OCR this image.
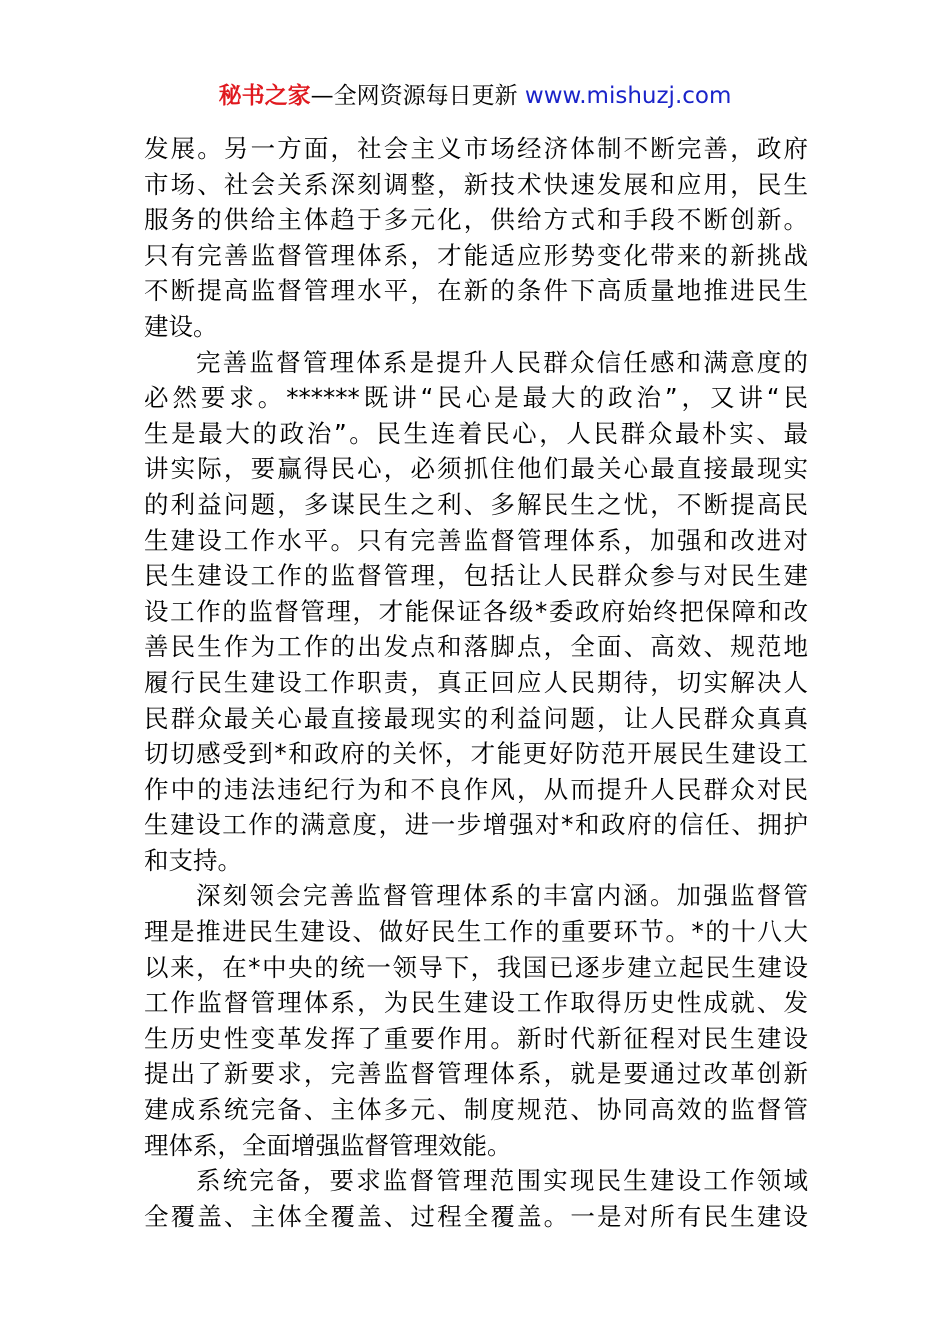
秘书之家—全网资源每日更新 www.mishuzj.com
发展。另一方面，社会主义市场经济体制不断完善，政府
市场、社会关系深刻调整，新技术快速发展和应用，民生
服务的供给主体趋于多元化，供给方式和手段不断创新。
只有完善监督管理体系，才能适应形势变化带来的新挑战
不断提高监督管理水平，在新的条件下高质量地推进民生
建设。
完善监督管理体系是提升人民群众信任感和满意度的
必然要求。******既讲“民心是最大的政治”，又讲“民
生是最大的政治”。民生连着民心，人民群众最朴实、最
讲实际，要赢得民心，必须抓住他们最关心最直接最现实
的利益问题，多谋民生之利、多解民生之忧，不断提高民
生建设工作水平。只有完善监督管理体系，加强和改进对
民生建设工作的监督管理，包括让人民群众参与对民生建
设工作的监督管理，才能保证各级*委政府始终把保障和改
善民生作为工作的出发点和落脚点，全面、高效、规范地
履行民生建设工作职责，真正回应人民期待，切实解决人
民群众最关心最直接最现实的利益问题，让人民群众真真
切切感受到*和政府的关怀，才能更好防范开展民生建设工
作中的违法违纪行为和不良作风，从而提升人民群众对民
生建设工作的满意度，进一步增强对*和政府的信任、拥护
和支持。
深刻领会完善监督管理体系的丰富内涵。加强监督管
理是推进民生建设、做好民生工作的重要环节。*的十八大
以来，在*中央的统一领导下，我国已逐步建立起民生建设
工作监督管理体系，为民生建设工作取得历史性成就、发
生历史性变革发挥了重要作用。新时代新征程对民生建设
提出了新要求，完善监督管理体系，就是要通过改革创新
建成系统完备、主体多元、制度规范、协同高效的监督管
理体系，全面增强监督管理效能。
系统完备，要求监督管理范围实现民生建设工作领域
全覆盖、主体全覆盖、过程全覆盖。一是对所有民生建设
